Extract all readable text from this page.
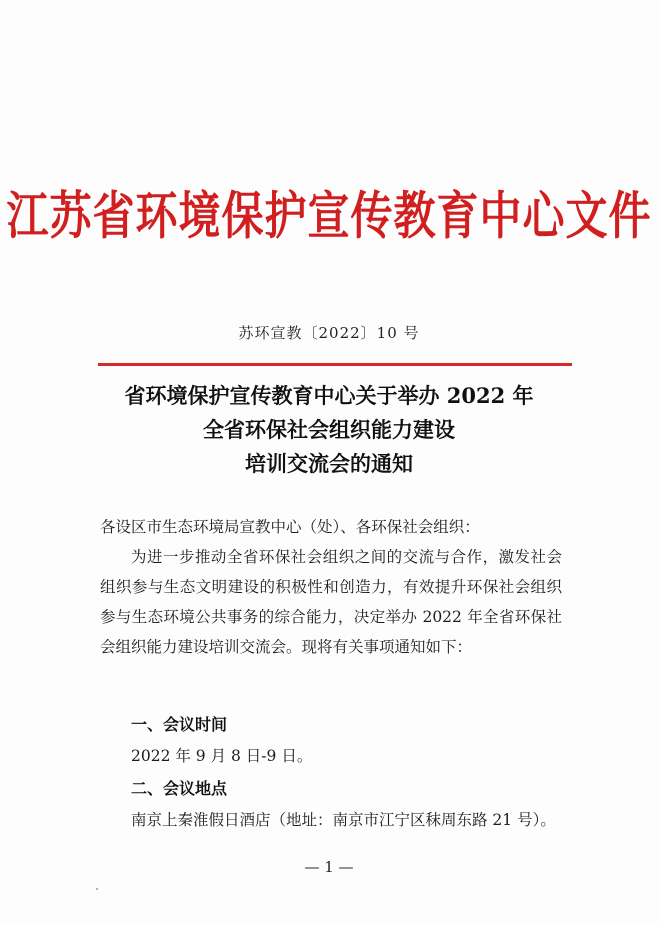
江苏省环境保护宣传教育中心文件
苏环宣教〔2022〕10 号
省环境保护宣传教育中心关于举办 2022 年
全省环保社会组织能力建设
培训交流会的通知
各设区市生态环境局宣教中心（处）、各环保社会组织：
为进一步推动全省环保社会组织之间的交流与合作，激发社会组织参与生态文明建设的积极性和创造力，有效提升环保社会组织参与生态环境公共事务的综合能力，决定举办 2022 年全省环保社会组织能力建设培训交流会。现将有关事项通知如下：
一、会议时间
2022 年 9 月 8 日-9 日。
二、会议地点
南京上秦淮假日酒店（地址：南京市江宁区秣周东路 21 号）。
— 1 —
